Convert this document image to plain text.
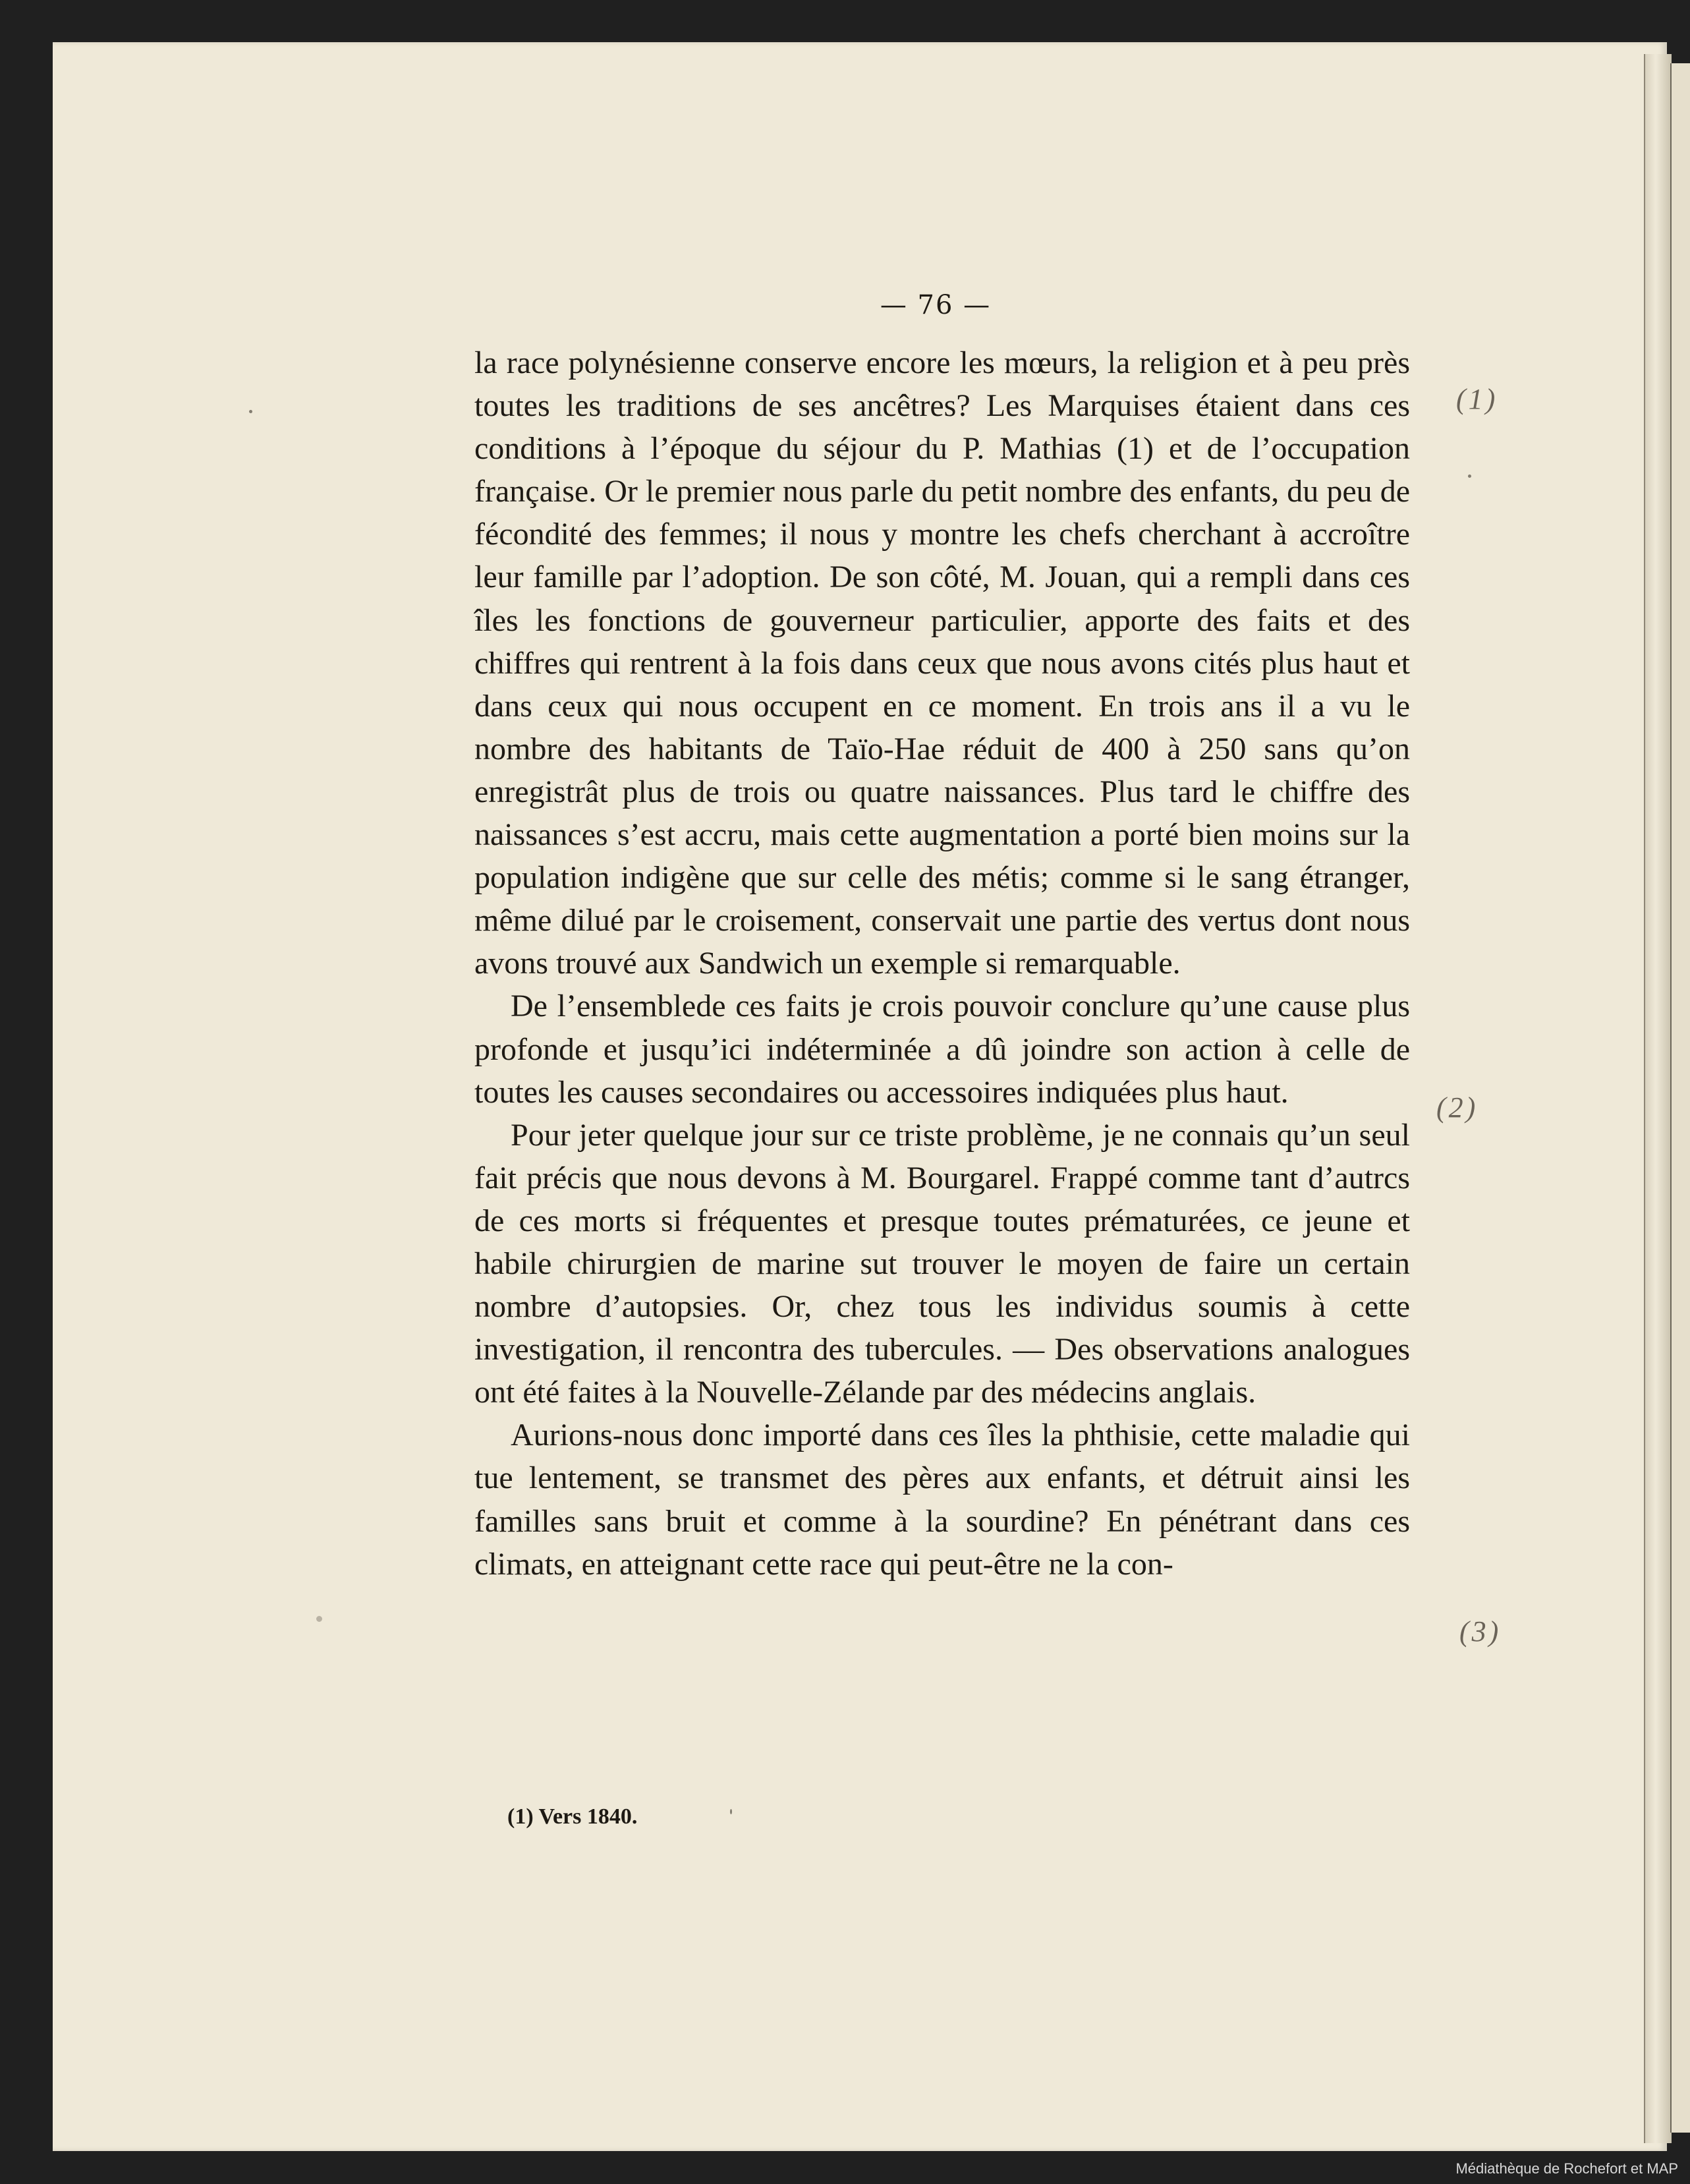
— 76 —

la race polynésienne conserve encore les mœurs, la religion et à peu près toutes les traditions de ses ancêtres? Les Marquises étaient dans ces conditions à l’époque du séjour du P. Mathias (1) et de l’occupation française. Or le premier nous parle du petit nombre des enfants, du peu de fécondité des femmes; il nous y montre les chefs cherchant à accroître leur famille par l’adoption. De son côté, M. Jouan, qui a rempli dans ces îles les fonctions de gouverneur particulier, apporte des faits et des chiffres qui rentrent à la fois dans ceux que nous avons cités plus haut et dans ceux qui nous occupent en ce moment. En trois ans il a vu le nombre des habitants de Taïo-Hae réduit de 400 à 250 sans qu’on enregistrât plus de trois ou quatre naissances. Plus tard le chiffre des naissances s’est accru, mais cette augmentation a porté bien moins sur la population indigène que sur celle des métis; comme si le sang étranger, même dilué par le croisement, conservait une partie des vertus dont nous avons trouvé aux Sandwich un exemple si remarquable.

De l’ensemblede ces faits je crois pouvoir conclure qu’une cause plus profonde et jusqu’ici indéterminée a dû joindre son action à celle de toutes les causes secondaires ou accessoires indiquées plus haut.

Pour jeter quelque jour sur ce triste problème, je ne connais qu’un seul fait précis que nous devons à M. Bourgarel. Frappé comme tant d’autrcs de ces morts si fréquentes et presque toutes prématurées, ce jeune et habile chirurgien de marine sut trouver le moyen de faire un certain nombre d’autopsies. Or, chez tous les individus soumis à cette investigation, il rencontra des tubercules. — Des observations analogues ont été faites à la Nouvelle-Zélande par des médecins anglais.

Aurions-nous donc importé dans ces îles la phthisie, cette maladie qui tue lentement, se transmet des pères aux enfants, et détruit ainsi les familles sans bruit et comme à la sourdine? En pénétrant dans ces climats, en atteignant cette race qui peut-être ne la con-

(1) Vers 1840.
(1)
(2)
(3)
Médiathèque de Rochefort et MAP
